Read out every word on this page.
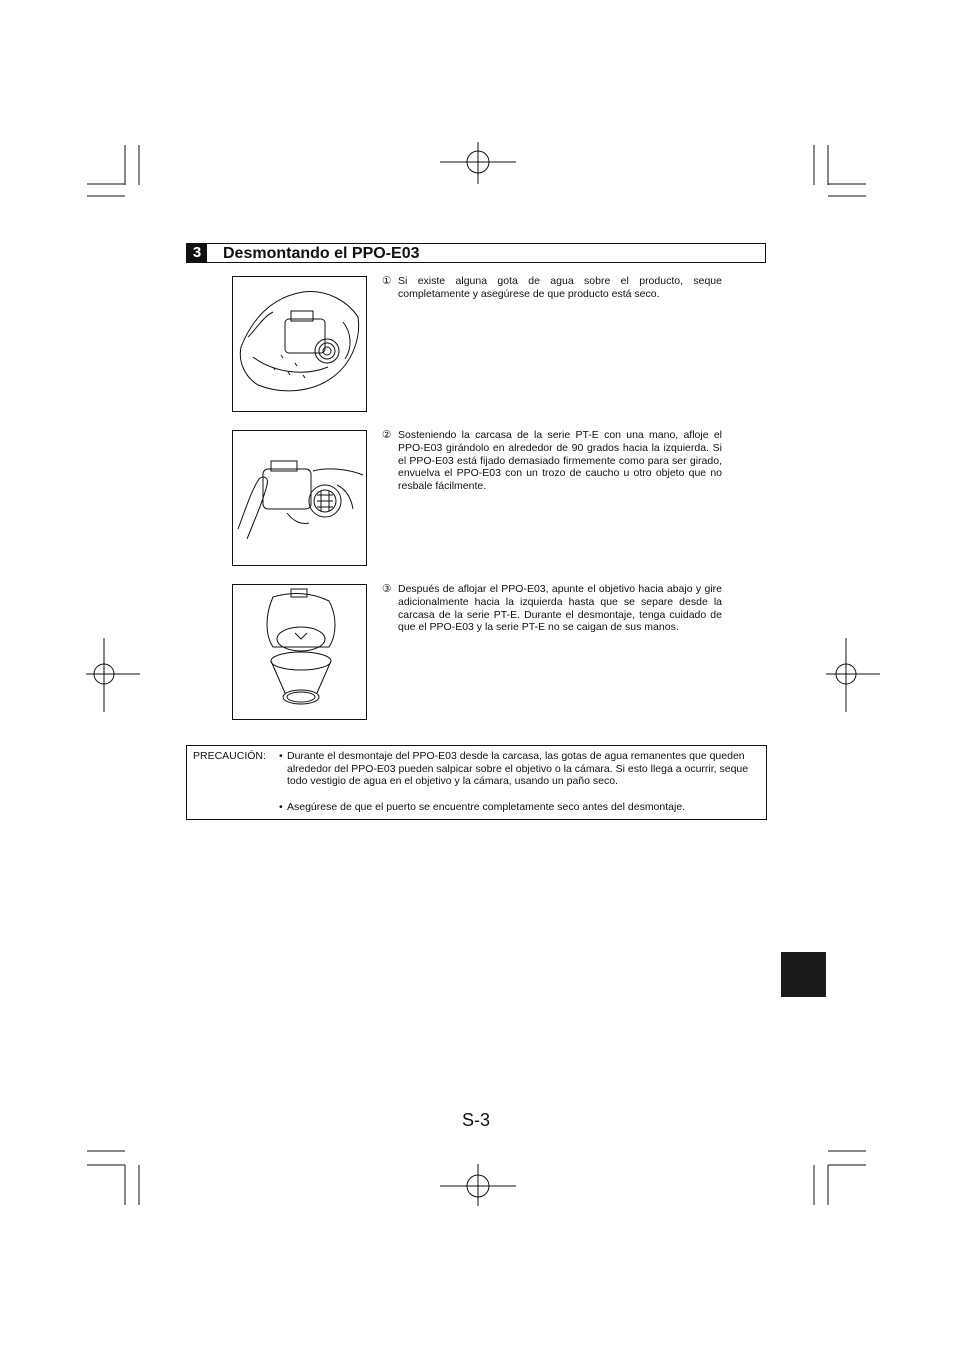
3	Desmontando el PPO-E03
① Si existe alguna gota de agua sobre el producto, seque completamente y asegúrese de que producto está seco.
② Sosteniendo la carcasa de la serie PT-E con una mano, afloje el PPO-E03 girándolo en alrededor de 90 grados hacia la izquierda. Si el PPO-E03 está fijado demasiado firmemente como para ser girado, envuelva el PPO-E03 con un trozo de caucho u otro objeto que no resbale fácilmente.
③ Después de aflojar el PPO-E03, apunte el objetivo hacia abajo y gire adicionalmente hacia la izquierda hasta que se separe desde la carcasa de la serie PT-E. Durante el desmontaje, tenga cuidado de que el PPO-E03 y la serie PT-E no se caigan de sus manos.
PRECAUCIÓN: • Durante el desmontaje del PPO-E03 desde la carcasa, las gotas de agua remanentes que queden alrededor del PPO-E03 pueden salpicar sobre el objetivo o la cámara. Si esto llega a ocurrir, seque todo vestigio de agua en el objetivo y la cámara, usando un paño seco.
• Asegúrese de que el puerto se encuentre completamente seco antes del desmontaje.
S-3
